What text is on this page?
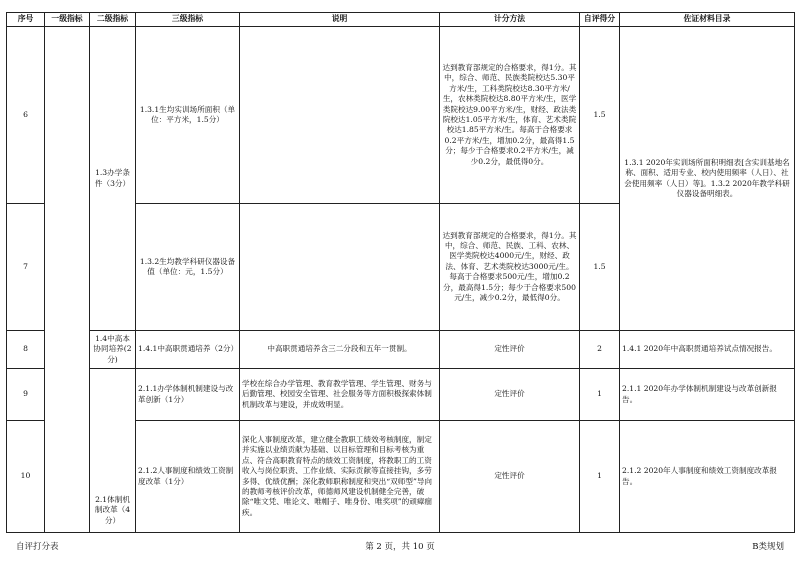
序号	一级指标	二级指标	三级指标	说明	计分方法	自评得分	佐证材料目录
6		1.3办学条件（3分）	1.3.1生均实训场所面积（单位：平方米，1.5分）		达到教育部规定的合格要求，得1分。其中，综合、师范、民族类院校达5.30平方米/生，工科类院校达8.30平方米/生，农林类院校达8.80平方米/生，医学类院校达9.00平方米/生，财经、政法类院校达1.05平方米/生，体育、艺术类院校达1.85平方米/生。每高于合格要求0.2平方米/生，增加0.2分，最高得1.5分；每少于合格要求0.2平方米/生，减少0.2分，最低得0分。	1.5	1.3.1 2020年实训场所面积明细表[含实训基地名称、面积、适用专业、校内使用频率（人日）、社会使用频率（人日）等]。1.3.2 2020年教学科研仪器设备明细表。
7			1.3.2生均教学科研仪器设备值（单位：元，1.5分）		达到教育部规定的合格要求，得1分。其中，综合、师范、民族、工科、农林、医学类院校达4000元/生，财经、政法、体育、艺术类院校达3000元/生。每高于合格要求500元/生，增加0.2分，最高得1.5分；每少于合格要求500元/生，减少0.2分，最低得0分。	1.5	
8		1.4中高本协同培养(2分)	1.4.1中高职贯通培养（2分）	中高职贯通培养含三二分段和五年一贯制。	定性评价	2	1.4.1 2020年中高职贯通培养试点情况报告。
9		2.1体制机制改革（4分）	2.1.1办学体制机制建设与改革创新（1分）	学校在综合办学管理、教育教学管理、学生管理、财务与后勤管理、校园安全管理、社会服务等方面积极探索体制机制改革与建设，并成效明显。	定性评价	1	2.1.1 2020年办学体制机制建设与改革创新报告。
10			2.1.2人事制度和绩效工资制度改革（1分）	深化人事制度改革，建立健全教职工绩效考核制度，制定并实施以业绩贡献为基础、以目标管理和目标考核为重点、符合高职教育特点的绩效工资制度，将教职工的工资收入与岗位职责、工作业绩、实际贡献等直接挂钩，多劳多得、优绩优酬；深化教师职称制度和突出“双师型”导向的教师考核评价改革，师德师风建设机制健全完善，破除“唯文凭、唯论文、唯帽子、唯身份、唯奖项”的顽瘴痼疾。	定性评价	1	2.1.2 2020年人事制度和绩效工资制度改革报告。
自评打分表	第 2 页，共 10 页	B类规划
